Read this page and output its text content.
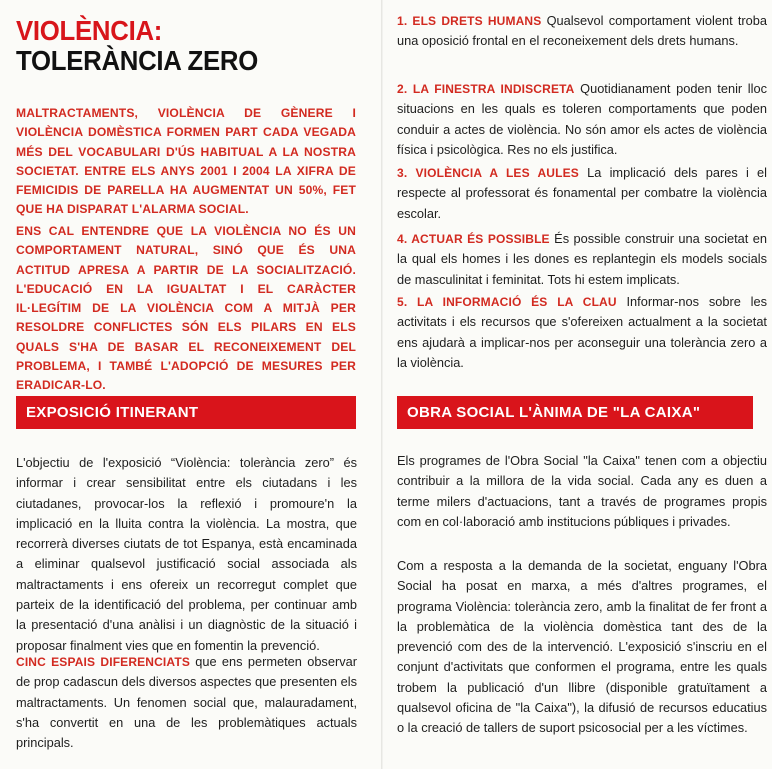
VIOLÈNCIA:
TOLERÀNCIA ZERO

MALTRACTAMENTS, VIOLÈNCIA DE GÈNERE I VIOLÈNCIA DOMÈSTICA FORMEN PART CADA VEGADA MÉS DEL VOCABULARI D'ÚS HABITUAL A LA NOSTRA SOCIETAT. ENTRE ELS ANYS 2001 I 2004 LA XIFRA DE FEMICIDIS DE PARELLA HA AUGMENTAT UN 50%, FET QUE HA DISPARAT L'ALARMA SOCIAL.

ENS CAL ENTENDRE QUE LA VIOLÈNCIA NO ÉS UN COMPORTAMENT NATURAL, SINÓ QUE ÉS UNA ACTITUD APRESA A PARTIR DE LA SOCIALITZACIÓ. L'EDUCACIÓ EN LA IGUALTAT I EL CARÀCTER IL·LEGÍTIM DE LA VIOLÈNCIA COM A MITJÀ PER RESOLDRE CONFLICTES SÓN ELS PILARS EN ELS QUALS S'HA DE BASAR EL RECONEIXEMENT DEL PROBLEMA, I TAMBÉ L'ADOPCIÓ DE MESURES PER ERADICAR-LO.

EXPOSICIÓ ITINERANT

L'objectiu de l'exposició “Violència: tolerància zero” és informar i crear sensibilitat entre els ciutadans i les ciutadanes, provocar-los la reflexió i promoure'n la implicació en la lluita contra la violència. La mostra, que recorrerà diverses ciutats de tot Espanya, està encaminada a eliminar qualsevol justificació social associada als maltractaments i ens ofereix un recorregut complet que parteix de la identificació del problema, per continuar amb la presentació d'una anàlisi i un diagnòstic de la situació i proposar finalment vies que en fomentin la prevenció.

CINC ESPAIS DIFERENCIATS que ens permeten observar de prop cadascun dels diversos aspectes que presenten els maltractaments. Un fenomen social que, malauradament, s'ha convertit en una de les problemàtiques actuals principals.

1. ELS DRETS HUMANS Qualsevol comportament violent troba una oposició frontal en el reconeixement dels drets humans.

2. LA FINESTRA INDISCRETA Quotidianament poden tenir lloc situacions en les quals es toleren comportaments que poden conduir a actes de violència. No són amor els actes de violència física i psicològica. Res no els justifica.

3. VIOLÈNCIA A LES AULES La implicació dels pares i el respecte al professorat és fonamental per combatre la violència escolar.

4. ACTUAR ÉS POSSIBLE És possible construir una societat en la qual els homes i les dones es replantegin els models socials de masculinitat i feminitat. Tots hi estem implicats.

5. LA INFORMACIÓ ÉS LA CLAU Informar-nos sobre les activitats i els recursos que s'ofereixen actualment a la societat ens ajudarà a implicar-nos per aconseguir una tolerància zero a la violència.

OBRA SOCIAL L'ÀNIMA DE "LA CAIXA"

Els programes de l'Obra Social "la Caixa" tenen com a objectiu contribuir a la millora de la vida social. Cada any es duen a terme milers d'actuacions, tant a través de programes propis com en col·laboració amb institucions públiques i privades.

Com a resposta a la demanda de la societat, enguany l'Obra Social ha posat en marxa, a més d'altres programes, el programa Violència: tolerància zero, amb la finalitat de fer front a la problemàtica de la violència domèstica tant des de la prevenció com des de la intervenció. L'exposició s'inscriu en el conjunt d'activitats que conformen el programa, entre les quals trobem la publicació d'un llibre (disponible gratuïtament a qualsevol oficina de "la Caixa"), la difusió de recursos educatius o la creació de tallers de suport psicosocial per a les víctimes.
